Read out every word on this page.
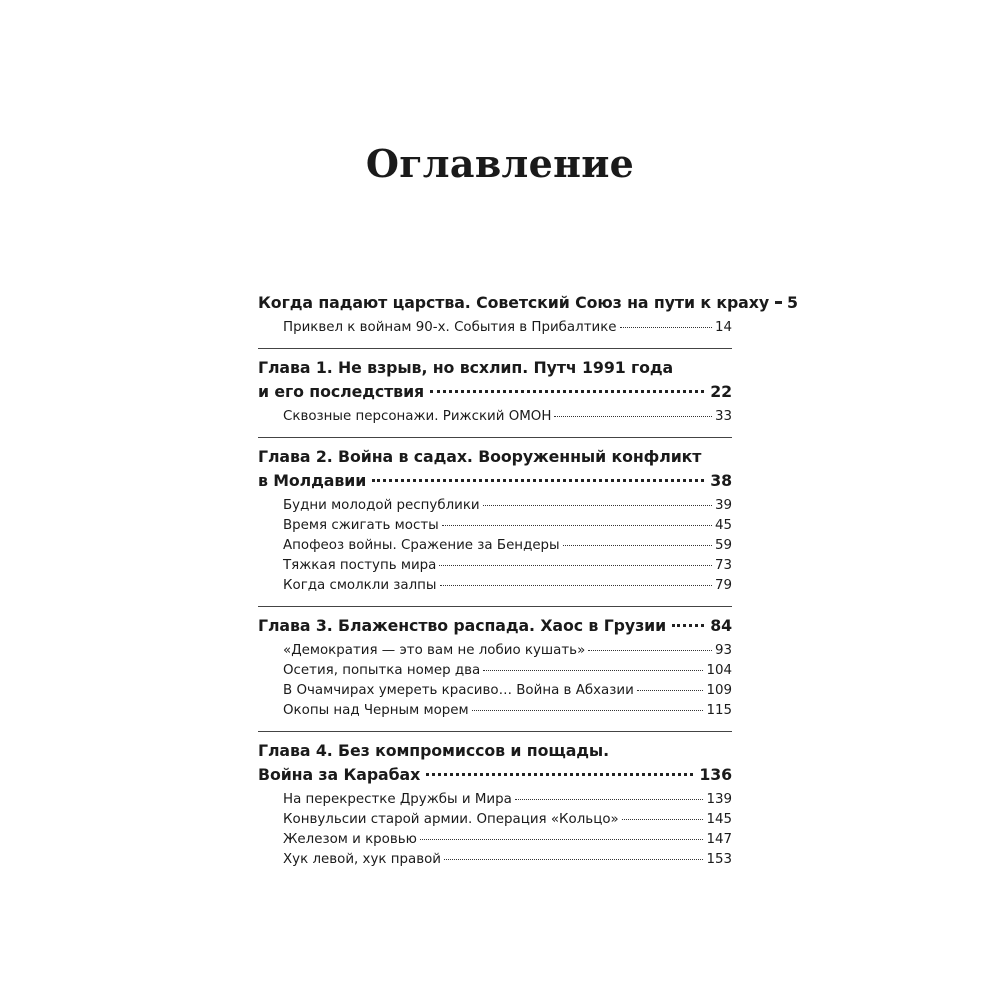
Оглавление
Когда падают царства. Советский Союз на пути к краху 5
Приквел к войнам 90-х. События в Прибалтике	14
Глава 1. Не взрыв, но всхлип. Путч 1991 года
и его последствия	22
Сквозные персонажи. Рижский ОМОН	33
Глава 2. Война в садах. Вооруженный конфликт
в Молдавии	38
Будни молодой республики	39
Время сжигать мосты	45
Апофеоз войны. Сражение за Бендеры	59
Тяжкая поступь мира	73
Когда смолкли залпы	79
Глава 3. Блаженство распада. Хаос в Грузии	84
«Демократия — это вам не лобио кушать»	93
Осетия, попытка номер два	104
В Очамчирах умереть красиво… Война в Абхазии	109
Окопы над Черным морем	115
Глава 4. Без компромиссов и пощады.
Война за Карабах	136
На перекрестке Дружбы и Мира	139
Конвульсии старой армии. Операция «Кольцо»	145
Железом и кровью	147
Хук левой, хук правой	153
